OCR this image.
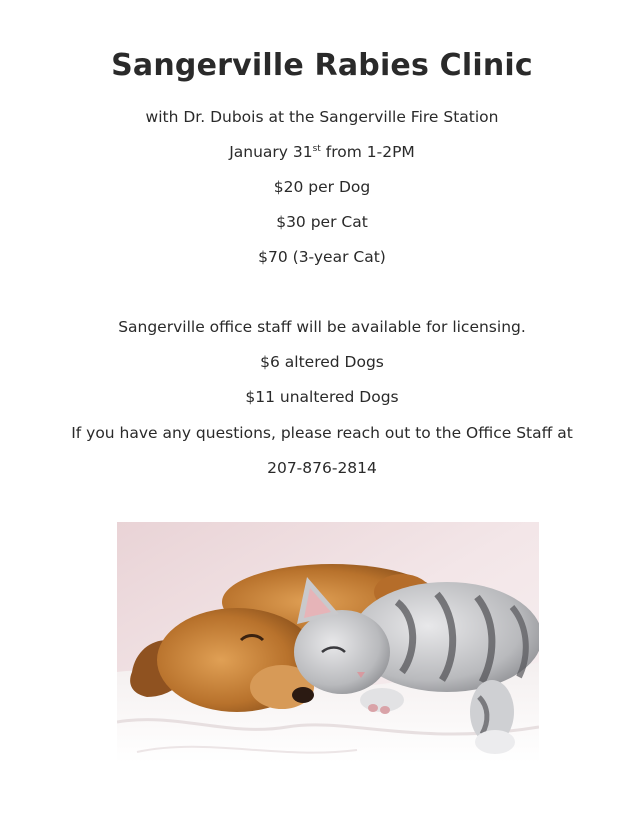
Sangerville Rabies Clinic
with Dr. Dubois at the Sangerville Fire Station
January 31st from 1-2PM
$20 per Dog
$30 per Cat
$70 (3-year Cat)
Sangerville office staff will be available for licensing.
$6 altered Dogs
$11 unaltered Dogs
If you have any questions, please reach out to the Office Staff at
207-876-2814
